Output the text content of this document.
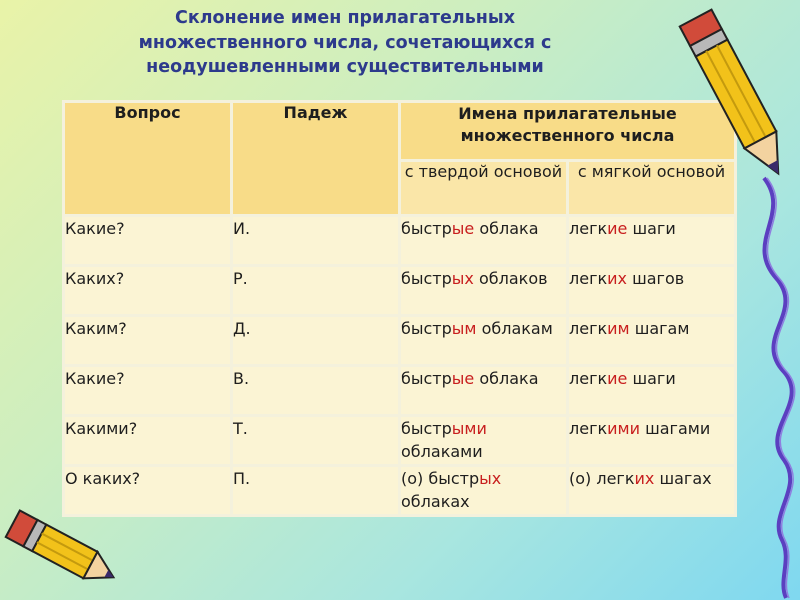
Склонение имен прилагательных
множественного числа, сочетающихся с
неодушевленными существительными
Вопрос	Падеж	Имена прилагательные множественного числа	
		с твердой основой	с мягкой основой
Какие?	И.	быстрые облака	легкие шаги
Каких?	Р.	быстрых облаков	легких шагов
Каким?	Д.	быстрым облакам	легким шагам
Какие?	В.	быстрые облака	легкие шаги
Какими?	Т.	быстрыми облаками	легкими шагами
О каких?	П.	(о) быстрых облаках	(о) легких шагах
